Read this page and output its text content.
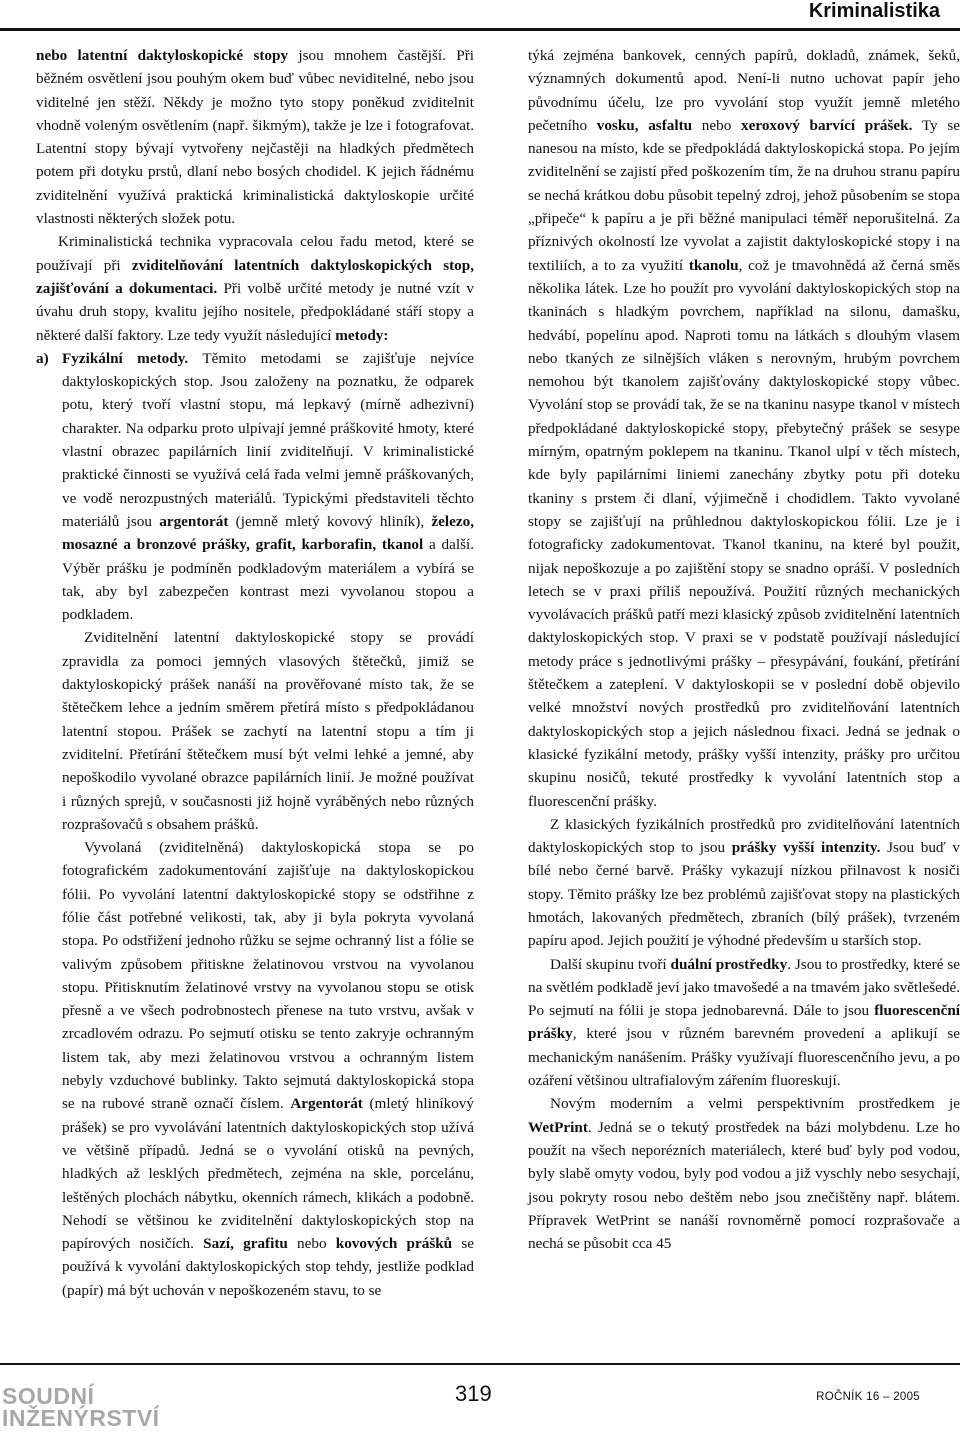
Kriminalistika

nebo latentní daktyloskopické stopy jsou mnohem častější. Při běžném osvětlení jsou pouhým okem buď vůbec neviditelné, nebo jsou viditelné jen stěží. Někdy je možno tyto stopy poněkud zviditelnit vhodně voleným osvětlením (např. šikmým), takže je lze i fotografovat. Latentní stopy bývají vytvořeny nejčastěji na hladkých předmětech potem při dotyku prstů, dlaní nebo bosých chodidel. K jejich řádnému zviditelnění využívá praktická kriminalistická daktyloskopie určité vlastnosti některých složek potu.

Kriminalistická technika vypracovala celou řadu metod, které se používají při zviditelňování latentních daktyloskopických stop, zajišťování a dokumentaci. Při volbě určité metody je nutné vzít v úvahu druh stopy, kvalitu jejího nositele, předpokládané stáří stopy a některé další faktory. Lze tedy využít následující metody:

a) Fyzikální metody. Těmito metodami se zajišťuje nejvíce daktyloskopických stop. Jsou založeny na poznatku, že odparek potu, který tvoří vlastní stopu, má lepkavý (mírně adhezivní) charakter. Na odparku proto ulpívají jemné práškovité hmoty, které vlastní obrazec papilárních linií zviditelňují. V kriminalistické praktické činnosti se využívá celá řada velmi jemně práškovaných, ve vodě nerozpustných materiálů. Typickými představiteli těchto materiálů jsou argentorát (jemně mletý kovový hliník), železo, mosazné a bronzové prášky, grafit, karborafin, tkanol a další. Výběr prášku je podmíněn podkladovým materiálem a vybírá se tak, aby byl zabezpečen kontrast mezi vyvolanou stopou a podkladem.

Zviditelnění latentní daktyloskopické stopy se provádí zpravidla za pomoci jemných vlasových štětečků, jimiž se daktyloskopický prášek nanáší na prověřované místo tak, že se štětečkem lehce a jedním směrem přetírá místo s předpokládanou latentní stopou. Prášek se zachytí na latentní stopu a tím ji zviditelní. Přetírání štětečkem musí být velmi lehké a jemné, aby nepoškodilo vyvolané obrazce papilárních linií. Je možné používat i různých sprejů, v současnosti již hojně vyráběných nebo různých rozprašovačů s obsahem prášků.

Vyvolaná (zviditelněná) daktyloskopická stopa se po fotografickém zadokumentování zajišťuje na daktyloskopickou fólii. Po vyvolání latentní daktyloskopické stopy se odstřihne z fólie část potřebné velikosti, tak, aby ji byla pokryta vyvolaná stopa. Po odstřižení jednoho růžku se sejme ochranný list a fólie se valivým způsobem přitiskne želatinovou vrstvou na vyvolanou stopu. Přitisknutím želatinové vrstvy na vyvolanou stopu se otisk přesně a ve všech podrobnostech přenese na tuto vrstvu, avšak v zrcadlovém odrazu. Po sejmutí otisku se tento zakryje ochranným listem tak, aby mezi želatinovou vrstvou a ochranným listem nebyly vzduchové bublinky. Takto sejmutá daktyloskopická stopa se na rubové straně označí číslem. Argentorát (mletý hliníkový prášek) se pro vyvolávání latentních daktyloskopických stop užívá ve většině případů. Jedná se o vyvolání otisků na pevných, hladkých až lesklých předmětech, zejména na skle, porcelánu, leštěných plochách nábytku, okenních rámech, klikách a podobně. Nehodí se většinou ke zviditelnění daktyloskopických stop na papírových nosičích. Sazí, grafitu nebo kovových prášků se používá k vyvolání daktyloskopických stop tehdy, jestliže podklad (papír) má být uchován v nepoškozeném stavu, to se

týká zejména bankovek, cenných papírů, dokladů, známek, šeků, významných dokumentů apod. Není-li nutno uchovat papír jeho původnímu účelu, lze pro vyvolání stop využít jemně mletého pečetního vosku, asfaltu nebo xeroxový barvící prášek. Ty se nanesou na místo, kde se předpokládá daktyloskopická stopa. Po jejím zviditelnění se zajistí před poškozením tím, že na druhou stranu papíru se nechá krátkou dobu působit tepelný zdroj, jehož působením se stopa „připeče“ k papíru a je při běžné manipulaci téměř neporušitelná. Za příznivých okolností lze vyvolat a zajistit daktyloskopické stopy i na textiliích, a to za využití tkanolu, což je tmavohnědá až černá směs několika látek. Lze ho použít pro vyvolání daktyloskopických stop na tkaninách s hladkým povrchem, například na silonu, damašku, hedvábí, popelínu apod. Naproti tomu na látkách s dlouhým vlasem nebo tkaných ze silnějších vláken s nerovným, hrubým povrchem nemohou být tkanolem zajišťovány daktyloskopické stopy vůbec. Vyvolání stop se provádí tak, že se na tkaninu nasype tkanol v místech předpokládané daktyloskopické stopy, přebytečný prášek se sesype mírným, opatrným poklepem na tkaninu. Tkanol ulpí v těch místech, kde byly papilárními liniemi zanechány zbytky potu při doteku tkaniny s prstem či dlaní, výjimečně i chodidlem. Takto vyvolané stopy se zajišťují na průhlednou daktyloskopickou fólii. Lze je i fotograficky zadokumentovat. Tkanol tkaninu, na které byl použit, nijak nepoškozuje a po zajištění stopy se snadno opráší. V posledních letech se v praxi příliš nepoužívá. Použití různých mechanických vyvolávacích prášků patří mezi klasický způsob zviditelnění latentních daktyloskopických stop. V praxi se v podstatě používají následující metody práce s jednotlivými prášky – přesypávání, foukání, přetírání štětečkem a zateplení. V daktyloskopii se v poslední době objevilo velké množství nových prostředků pro zviditelňování latentních daktyloskopických stop a jejich následnou fixaci. Jedná se jednak o klasické fyzikální metody, prášky vyšší intenzity, prášky pro určitou skupinu nosičů, tekuté prostředky k vyvolání latentních stop a fluorescenční prášky.

Z klasických fyzikálních prostředků pro zviditelňování latentních daktyloskopických stop to jsou prášky vyšší intenzity. Jsou buď v bílé nebo černé barvě. Prášky vykazují nízkou přilnavost k nosiči stopy. Těmito prášky lze bez problémů zajišťovat stopy na plastických hmotách, lakovaných předmětech, zbraních (bílý prášek), tvrzeném papíru apod. Jejich použití je výhodné především u starších stop.

Další skupinu tvoří duální prostředky. Jsou to prostředky, které se na světlém podkladě jeví jako tmavošedé a na tmavém jako světlešedé. Po sejmutí na fólii je stopa jednobarevná. Dále to jsou fluorescenční prášky, které jsou v různém barevném provedení a aplikují se mechanickým nanášením. Prášky využívají fluorescenčního jevu, a po ozáření většinou ultrafialovým zářením fluoreskují.

Novým moderním a velmi perspektivním prostředkem je WetPrint. Jedná se o tekutý prostředek na bázi molybdenu. Lze ho použít na všech neporézních materiálech, které buď byly pod vodou, byly slabě omyty vodou, byly pod vodou a již vyschly nebo sesychají, jsou pokryty rosou nebo deštěm nebo jsou znečištěny např. blátem. Přípravek WetPrint se nanáší rovnoměrně pomocí rozprašovače a nechá se působit cca 45

SOUDNÍ
INŽENÝRSTVÍ
319	ROČNÍK 16 – 2005
